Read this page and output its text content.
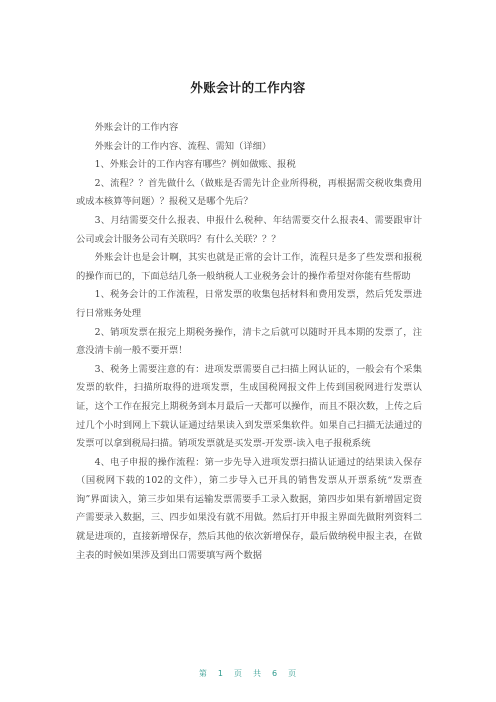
外账会计的工作内容

外账会计的工作内容

外账会计的工作内容、流程、需知（详细）

1、外账会计的工作内容有哪些？例如做账、报税

2、流程？？首先做什么（做账是否需先计企业所得税，再根据需交税收集费用或成本核算等问题）？报税又是哪个先后？

3、月结需要交什么报表、申报什么税种、年结需要交什么报表4、需要跟审计公司或会计服务公司有关联吗？有什么关联？？？

外账会计也是会计啊，其实也就是正常的会计工作，流程只是多了些发票和报税的操作而已的，下面总结几条一般纳税人工业税务会计的操作希望对你能有些帮助

1、税务会计的工作流程，日常发票的收集包括材料和费用发票，然后凭发票进行日常账务处理

2、销项发票在报完上期税务操作，清卡之后就可以随时开具本期的发票了，注意没清卡前一般不要开票！

3、税务上需要注意的有：进项发票需要自己扫描上网认证的，一般会有个采集发票的软件，扫描所取得的进项发票，生成国税网报文件上传到国税网进行发票认证，这个工作在报完上期税务到本月最后一天都可以操作，而且不限次数，上传之后过几个小时到网上下载认证通过结果读入到发票采集软件。如果自己扫描无法通过的发票可以拿到税局扫描。销项发票就是买发票-开发票-读入电子报税系统

4、电子申报的操作流程：第一步先导入进项发票扫描认证通过的结果读入保存（国税网下载的102的文件），第二步导入已开具的销售发票从开票系统“发票查询”界面读入，第三步如果有运输发票需要手工录入数据，第四步如果有新增固定资产需要录入数据，三、四步如果没有就不用做。然后打开申报主界面先做附列资料二就是进项的，直接新增保存，然后其他的依次新增保存，最后做纳税申报主表，在做主表的时候如果涉及到出口需要填写两个数据

第 1 页 共 6 页
